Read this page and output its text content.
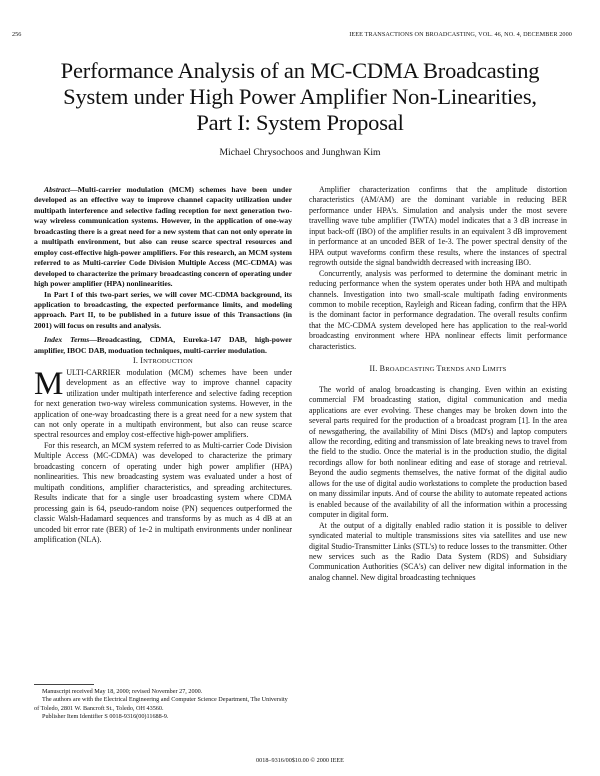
256	IEEE TRANSACTIONS ON BROADCASTING, VOL. 46, NO. 4, DECEMBER 2000
Performance Analysis of an MC-CDMA Broadcasting
System under High Power Amplifier Non-Linearities,
Part I: System Proposal
Michael Chrysochoos and Junghwan Kim

Abstract—Multi-carrier modulation (MCM) schemes have been under developed as an effective way to improve channel capacity utilization under multipath interference and selective fading reception for next generation two-way wireless communication systems. However, in the application of one-way broadcasting there is a great need for a new system that can not only operate in a multipath environment, but also can reuse scarce spectral resources and employ cost-effective high-power amplifiers. For this research, an MCM system referred to as Multi-carrier Code Division Multiple Access (MC-CDMA) was developed to characterize the primary broadcasting concern of operating under high power amplifier (HPA) nonlinearities.

In Part I of this two-part series, we will cover MC-CDMA background, its application to broadcasting, the expected performance limits, and modeling approach. Part II, to be published in a future issue of this Transactions (in 2001) will focus on results and analysis.

Index Terms—Broadcasting, CDMA, Eureka-147 DAB, high-power amplifier, IBOC DAB, moduation techniques, multi-carrier modulation.

I. INTRODUCTION

MULTI-CARRIER modulation (MCM) schemes have been under development as an effective way to improve channel capacity utilization under multipath interference and selective fading reception for next generation two-way wireless communication systems. However, in the application of one-way broadcasting there is a great need for a new system that can not only operate in a multipath environment, but also can reuse scarce spectral resources and employ cost-effective high-power amplifiers.

For this research, an MCM system referred to as Multi-carrier Code Division Multiple Access (MC-CDMA) was developed to characterize the primary broadcasting concern of operating under high power amplifier (HPA) nonlinearities. This new broadcasting system was evaluated under a host of multipath conditions, amplifier characteristics, and spreading architectures. Results indicate that for a single user broadcasting system where CDMA processing gain is 64, pseudo-random noise (PN) sequences outperformed the classic Walsh-Hadamard sequences and transforms by as much as 4 dB at an uncoded bit error rate (BER) of 1e-2 in multipath environments under nonlinear amplification (NLA).

Amplifier characterization confirms that the amplitude distortion characteristics (AM/AM) are the dominant variable in reducing BER performance under HPA's. Simulation and analysis under the most severe travelling wave tube amplifier (TWTA) model indicates that a 3 dB increase in input back-off (IBO) of the amplifier results in an equivalent 3 dB improvement in performance at an uncoded BER of 1e-3. The power spectral density of the HPA output waveforms confirm these results, where the instances of spectral regrowth outside the signal bandwidth decreased with increasing IBO.

Concurrently, analysis was performed to determine the dominant metric in reducing performance when the system operates under both HPA and multipath channels. Investigation into two small-scale multipath fading environments common to mobile reception, Rayleigh and Ricean fading, confirm that the HPA is the dominant factor in performance degradation. The overall results confirm that the MC-CDMA system developed here has application to the real-world broadcasting environment where HPA nonlinear effects limit performance characteristics.

II. BROADCASTING TRENDS AND LIMITS

The world of analog broadcasting is changing. Even within an existing commercial FM broadcasting station, digital communication and media applications are ever evolving. These changes may be broken down into the several parts required for the production of a broadcast program [1]. In the area of newsgathering, the availability of Mini Discs (MD's) and laptop computers allow the recording, editing and transmission of late breaking news to travel from the field to the studio. Once the material is in the production studio, the digital recordings allow for both nonlinear editing and ease of storage and retrieval. Beyond the audio segments themselves, the native format of the digital audio allows for the use of digital audio workstations to complete the production based on many dissimilar inputs. And of course the ability to automate repeated actions is enabled because of the availability of all the information within a processing computer in digital form.

At the output of a digitally enabled radio station it is possible to deliver syndicated material to multiple transmissions sites via satellites and use new digital Studio-Transmitter Links (STL's) to reduce losses to the transmitter. Other new services such as the Radio Data System (RDS) and Subsidiary Communication Authorities (SCA's) can deliver new digital information in the analog channel. New digital broadcasting techniques

Manuscript received May 18, 2000; revised November 27, 2000.

The authors are with the Electrical Engineering and Computer Science Department, The University of Toledo, 2801 W. Bancroft St., Toledo, OH 43560.

Publisher Item Identifier S 0018-9316(00)11688-9.

0018–9316/00$10.00 © 2000 IEEE
